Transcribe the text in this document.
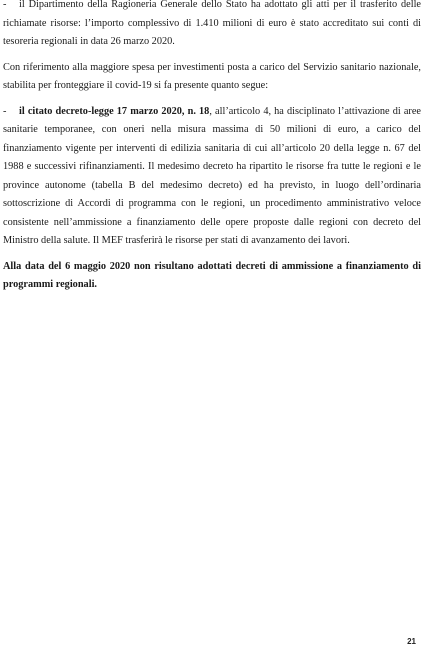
- il Dipartimento della Ragioneria Generale dello Stato ha adottato gli atti per il trasferito delle richiamate risorse: l’importo complessivo di 1.410 milioni di euro è stato accreditato sui conti di tesoreria regionali in data 26 marzo 2020.

Con riferimento alla maggiore spesa per investimenti posta a carico del Servizio sanitario nazionale, stabilita per fronteggiare il covid-19 si fa presente quanto segue:

- il citato decreto-legge 17 marzo 2020, n. 18, all’articolo 4, ha disciplinato l’attivazione di aree sanitarie temporanee, con oneri nella misura massima di 50 milioni di euro, a carico del finanziamento vigente per interventi di edilizia sanitaria di cui all’articolo 20 della legge n. 67 del 1988 e successivi rifinanziamenti. Il medesimo decreto ha ripartito le risorse fra tutte le regioni e le province autonome (tabella B del medesimo decreto) ed ha previsto, in luogo dell’ordinaria sottoscrizione di Accordi di programma con le regioni, un procedimento amministrativo veloce consistente nell’ammissione a finanziamento delle opere proposte dalle regioni con decreto del Ministro della salute. Il MEF trasferirà le risorse per stati di avanzamento dei lavori.

Alla data del 6 maggio 2020 non risultano adottati decreti di ammissione a finanziamento di programmi regionali.

21
